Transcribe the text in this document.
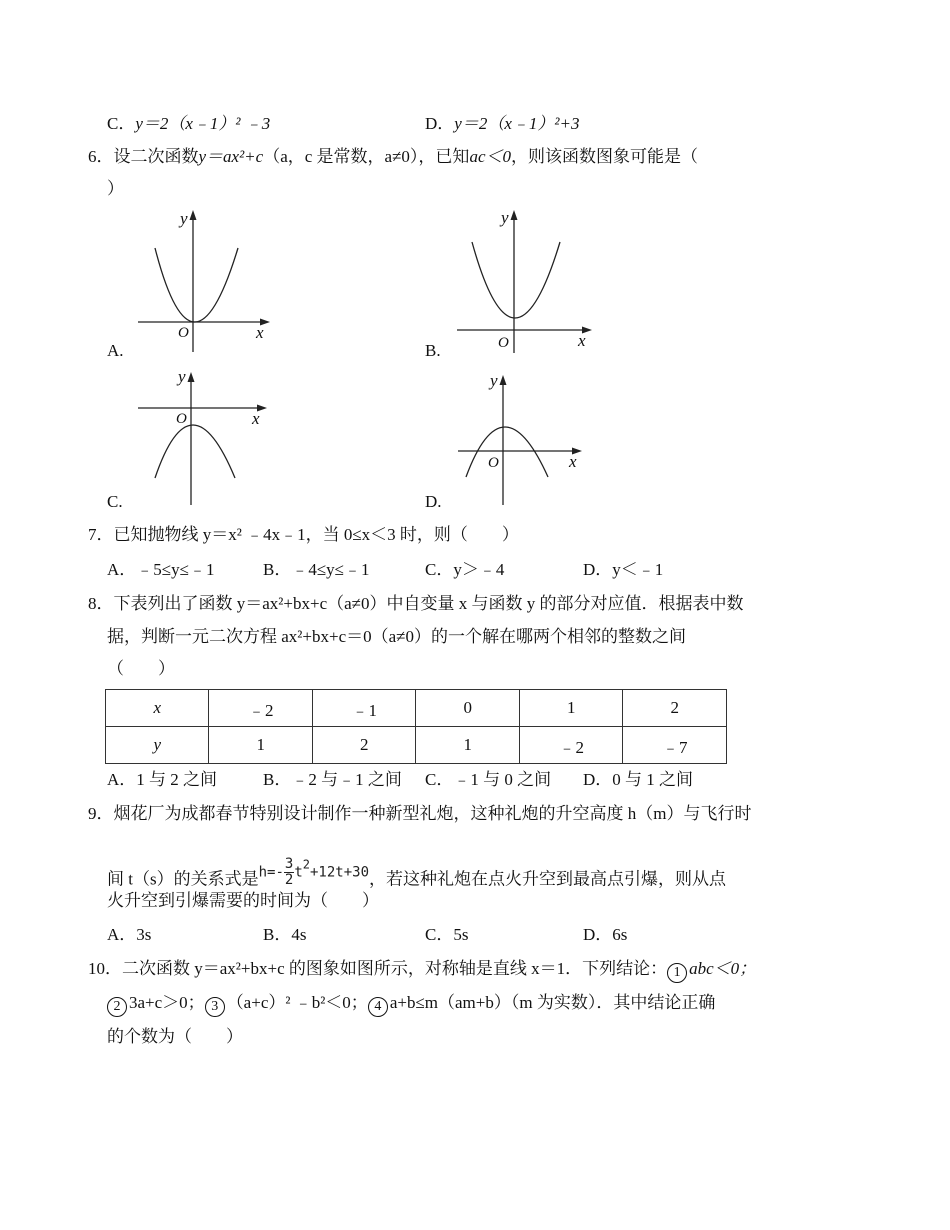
C．y＝2（x﹣1）² ﹣3	D．y＝2（x﹣1）²+3
6．设二次函数y＝ax²+c（a，c 是常数，a≠0），已知ac＜0，则该函数图象可能是（
）
y
x
O
A.
y
x
O
B.
y
x
O
C.
y
x
O
D.
7．已知抛物线 y＝x² ﹣4x﹣1，当 0≤x＜3 时，则（　　）
A．﹣5≤y≤﹣1	B．﹣4≤y≤﹣1	C．y＞﹣4	D．y＜﹣1
8．下表列出了函数 y＝ax²+bx+c（a≠0）中自变量 x 与函数 y 的部分对应值．根据表中数
据，判断一元二次方程 ax²+bx+c＝0（a≠0）的一个解在哪两个相邻的整数之间
（　　）
x	﹣2	﹣1	0	1	2
y	1	2	1	﹣2	﹣7
A．1 与 2 之间	B．﹣2 与﹣1 之间 C．﹣1 与 0 之间 D．0 与 1 之间
9．烟花厂为成都春节特别设计制作一种新型礼炮，这种礼炮的升空高度 h（m）与飞行时
间 t（s）的关系式是$h=- \frac{3}{2} t^2+12t+30$，若这种礼炮在点火升空到最高点引爆，则从点
火升空到引爆需要的时间为（　　）
A．3s	B．4s	C．5s	D．6s
10．二次函数 y＝ax²+bx+c 的图象如图所示，对称轴是直线 x＝1．下列结论： 1 abc＜0；
2 3a+c＞0； 3 （a+c）² ﹣b²＜0； 4 a+b≤m（am+b）（m 为实数）．其中结论正确
的个数为（　　）
